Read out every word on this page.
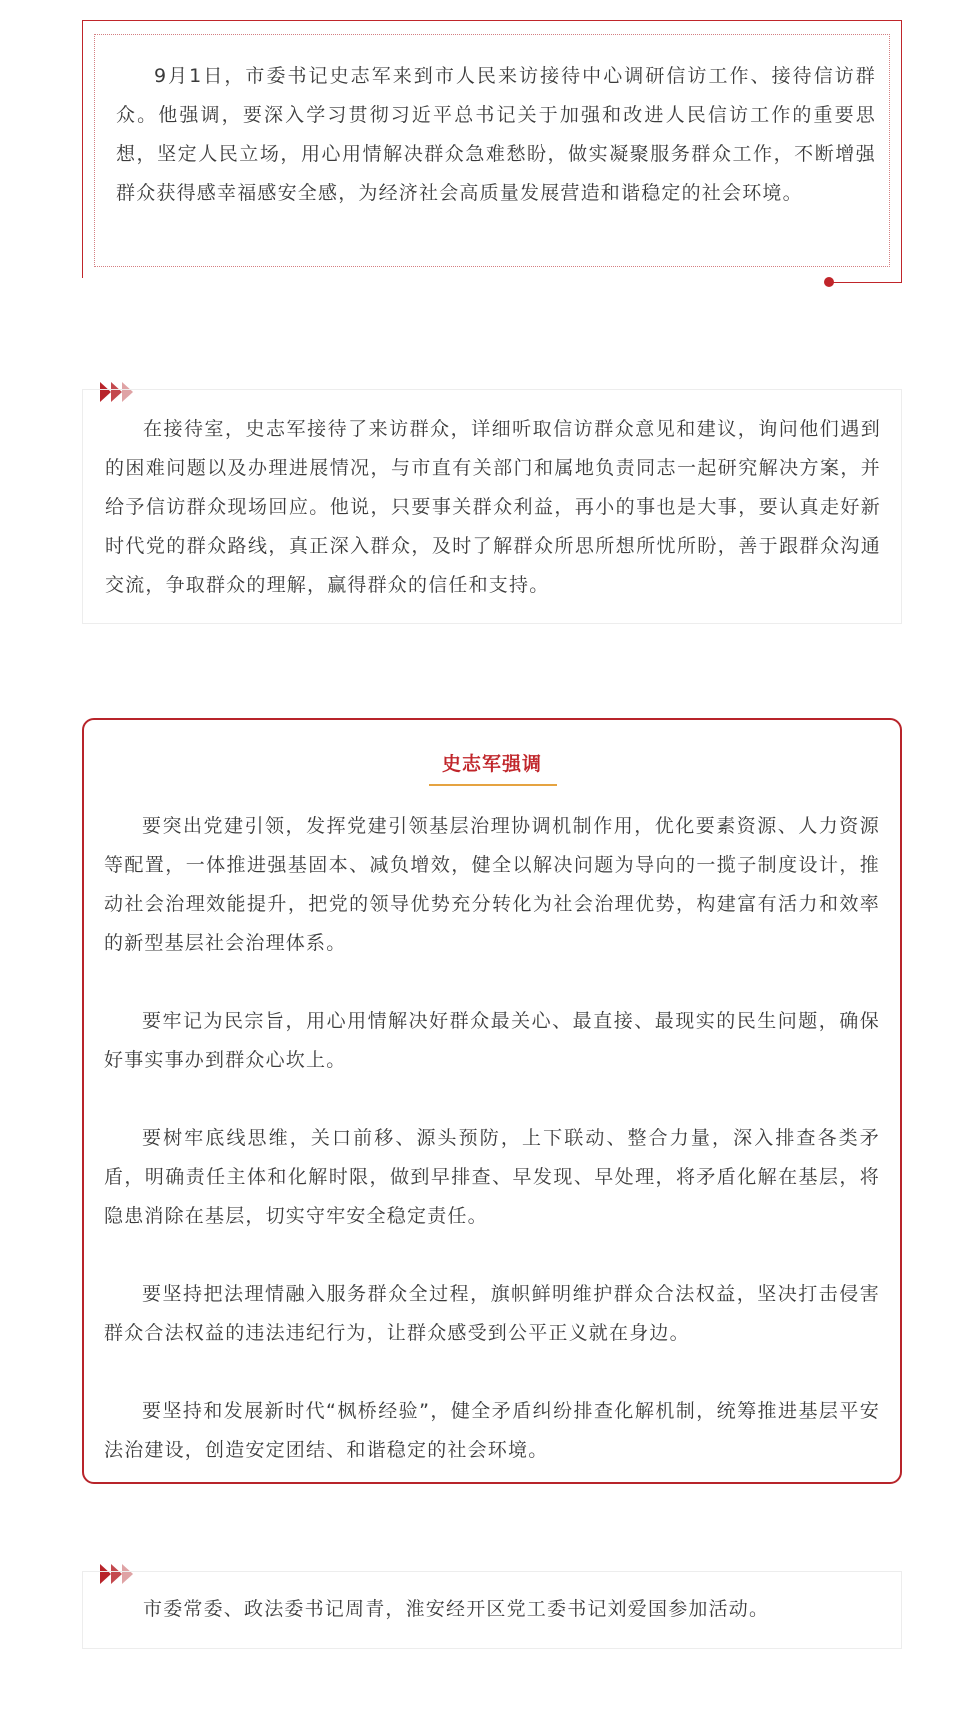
9月1日，市委书记史志军来到市人民来访接待中心调研信访工作、接待信访群众。他强调，要深入学习贯彻习近平总书记关于加强和改进人民信访工作的重要思想，坚定人民立场，用心用情解决群众急难愁盼，做实凝聚服务群众工作，不断增强群众获得感幸福感安全感，为经济社会高质量发展营造和谐稳定的社会环境。

在接待室，史志军接待了来访群众，详细听取信访群众意见和建议，询问他们遇到的困难问题以及办理进展情况，与市直有关部门和属地负责同志一起研究解决方案，并给予信访群众现场回应。他说，只要事关群众利益，再小的事也是大事，要认真走好新时代党的群众路线，真正深入群众，及时了解群众所思所想所忧所盼，善于跟群众沟通交流，争取群众的理解，赢得群众的信任和支持。

史志军强调

要突出党建引领，发挥党建引领基层治理协调机制作用，优化要素资源、人力资源等配置，一体推进强基固本、减负增效，健全以解决问题为导向的一揽子制度设计，推动社会治理效能提升，把党的领导优势充分转化为社会治理优势，构建富有活力和效率的新型基层社会治理体系。

要牢记为民宗旨，用心用情解决好群众最关心、最直接、最现实的民生问题，确保好事实事办到群众心坎上。

要树牢底线思维，关口前移、源头预防，上下联动、整合力量，深入排查各类矛盾，明确责任主体和化解时限，做到早排查、早发现、早处理，将矛盾化解在基层，将隐患消除在基层，切实守牢安全稳定责任。

要坚持把法理情融入服务群众全过程，旗帜鲜明维护群众合法权益，坚决打击侵害群众合法权益的违法违纪行为，让群众感受到公平正义就在身边。

要坚持和发展新时代“枫桥经验”，健全矛盾纠纷排查化解机制，统筹推进基层平安法治建设，创造安定团结、和谐稳定的社会环境。

市委常委、政法委书记周青，淮安经开区党工委书记刘爱国参加活动。
